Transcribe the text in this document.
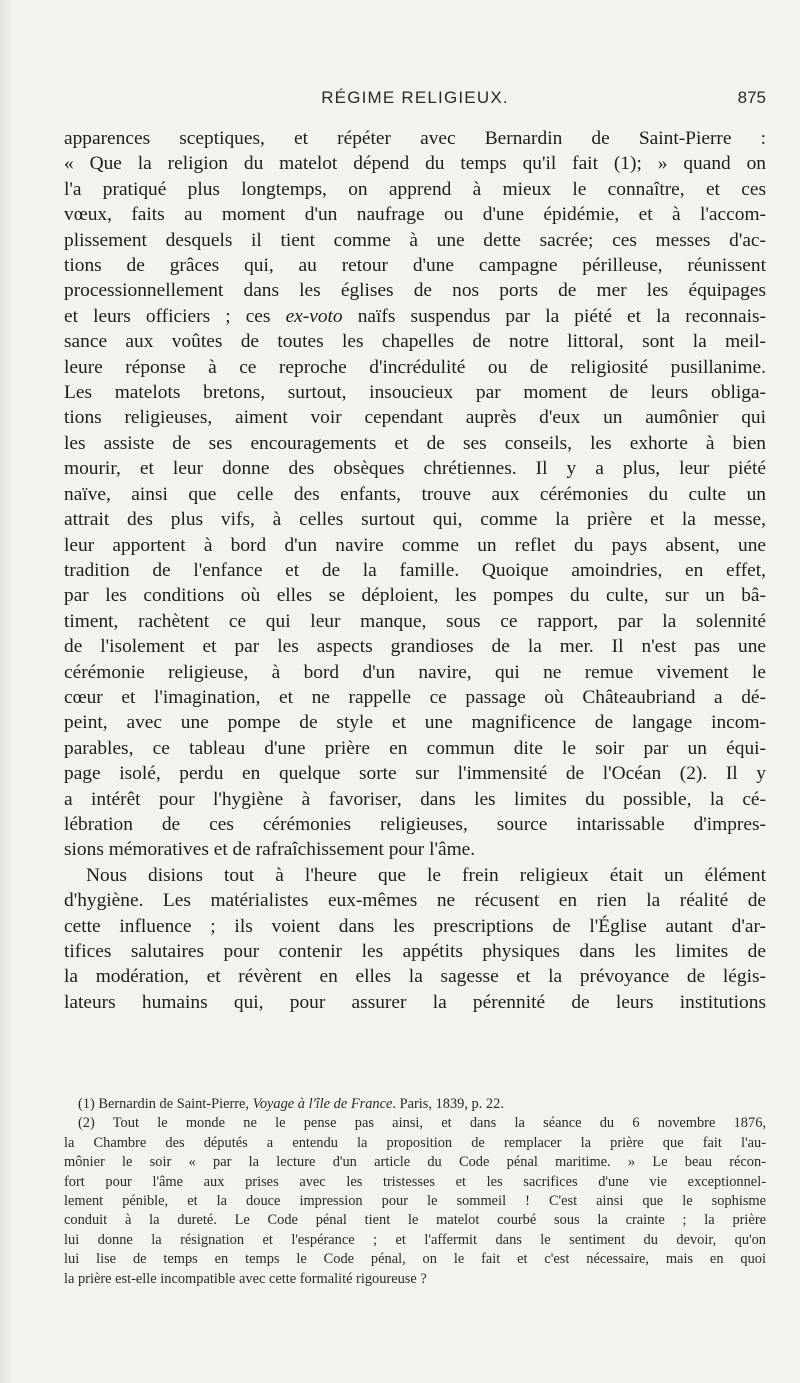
RÉGIME RELIGIEUX.	875

apparences sceptiques, et répéter avec Bernardin de Saint-Pierre :

« Que la religion du matelot dépend du temps qu'il fait (1); » quand on

l'a pratiqué plus longtemps, on apprend à mieux le connaître, et ces

vœux, faits au moment d'un naufrage ou d'une épidémie, et à l'accom-

plissement desquels il tient comme à une dette sacrée; ces messes d'ac-

tions de grâces qui, au retour d'une campagne périlleuse, réunissent

processionnellement dans les églises de nos ports de mer les équipages

et leurs officiers ; ces ex-voto naïfs suspendus par la piété et la reconnais-

sance aux voûtes de toutes les chapelles de notre littoral, sont la meil-

leure réponse à ce reproche d'incrédulité ou de religiosité pusillanime.

Les matelots bretons, surtout, insoucieux par moment de leurs obliga-

tions religieuses, aiment voir cependant auprès d'eux un aumônier qui

les assiste de ses encouragements et de ses conseils, les exhorte à bien

mourir, et leur donne des obsèques chrétiennes. Il y a plus, leur piété

naïve, ainsi que celle des enfants, trouve aux cérémonies du culte un

attrait des plus vifs, à celles surtout qui, comme la prière et la messe,

leur apportent à bord d'un navire comme un reflet du pays absent, une

tradition de l'enfance et de la famille. Quoique amoindries, en effet,

par les conditions où elles se déploient, les pompes du culte, sur un bâ-

timent, rachètent ce qui leur manque, sous ce rapport, par la solennité

de l'isolement et par les aspects grandioses de la mer. Il n'est pas une

cérémonie religieuse, à bord d'un navire, qui ne remue vivement le

cœur et l'imagination, et ne rappelle ce passage où Châteaubriand a dé-

peint, avec une pompe de style et une magnificence de langage incom-

parables, ce tableau d'une prière en commun dite le soir par un équi-

page isolé, perdu en quelque sorte sur l'immensité de l'Océan (2). Il y

a intérêt pour l'hygiène à favoriser, dans les limites du possible, la cé-

lébration de ces cérémonies religieuses, source intarissable d'impres-

sions mémoratives et de rafraîchissement pour l'âme.

Nous disions tout à l'heure que le frein religieux était un élément

d'hygiène. Les matérialistes eux-mêmes ne récusent en rien la réalité de

cette influence ; ils voient dans les prescriptions de l'Église autant d'ar-

tifices salutaires pour contenir les appétits physiques dans les limites de

la modération, et révèrent en elles la sagesse et la prévoyance de légis-

lateurs humains qui, pour assurer la pérennité de leurs institutions

(1) Bernardin de Saint-Pierre, Voyage à l'île de France. Paris, 1839, p. 22.

(2) Tout le monde ne le pense pas ainsi, et dans la séance du 6 novembre 1876,

la Chambre des députés a entendu la proposition de remplacer la prière que fait l'au-

mônier le soir « par la lecture d'un article du Code pénal maritime. » Le beau récon-

fort pour l'âme aux prises avec les tristesses et les sacrifices d'une vie exceptionnel-

lement pénible, et la douce impression pour le sommeil ! C'est ainsi que le sophisme

conduit à la dureté. Le Code pénal tient le matelot courbé sous la crainte ; la prière

lui donne la résignation et l'espérance ; et l'affermit dans le sentiment du devoir, qu'on

lui lise de temps en temps le Code pénal, on le fait et c'est nécessaire, mais en quoi

la prière est-elle incompatible avec cette formalité rigoureuse ?
